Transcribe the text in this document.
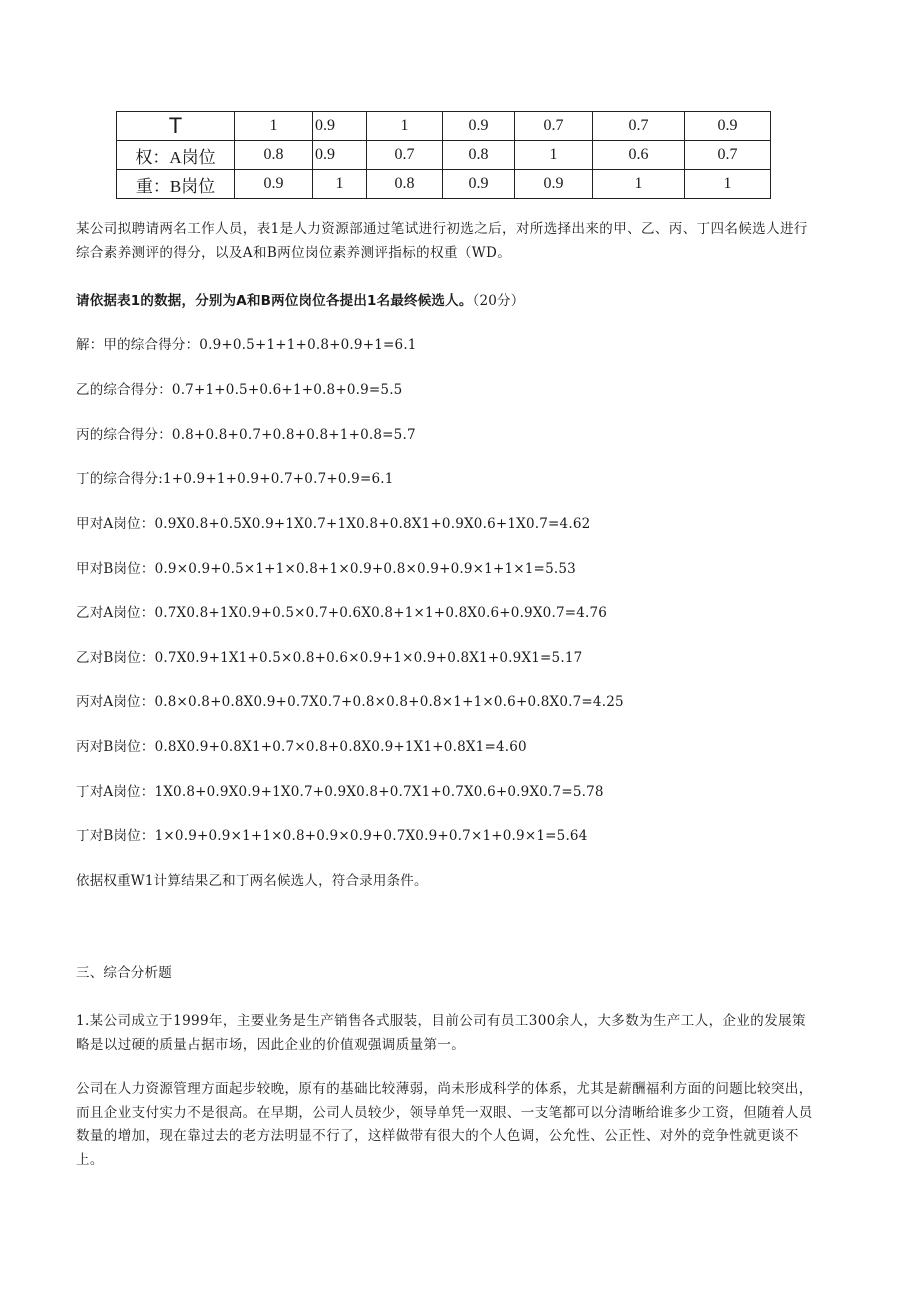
T	1	0.9	1	0.9	0.7	0.7	0.9
权：A岗位	0.8	0.9	0.7	0.8	1	0.6	0.7
重：B岗位	0.9	1	0.8	0.9	0.9	1	1
某公司拟聘请两名工作人员，表1是人力资源部通过笔试进行初选之后，对所选择出来的甲、乙、丙、丁四名候选人进行综合素养测评的得分，以及A和B两位岗位素养测评指标的权重（WD。
请依据表1的数据，分别为A和B两位岗位各提出1名最终候选人。（20分）
解：甲的综合得分：0.9+0.5+1+1+0.8+0.9+1=6.1
乙的综合得分：0.7+1+0.5+0.6+1+0.8+0.9=5.5
丙的综合得分：0.8+0.8+0.7+0.8+0.8+1+0.8=5.7
丁的综合得分:1+0.9+1+0.9+0.7+0.7+0.9=6.1
甲对A岗位：0.9X0.8+0.5X0.9+1X0.7+1X0.8+0.8X1+0.9X0.6+1X0.7=4.62
甲对B岗位：0.9×0.9+0.5×1+1×0.8+1×0.9+0.8×0.9+0.9×1+1×1=5.53
乙对A岗位：0.7X0.8+1X0.9+0.5×0.7+0.6X0.8+1×1+0.8X0.6+0.9X0.7=4.76
乙对B岗位：0.7X0.9+1X1+0.5×0.8+0.6×0.9+1×0.9+0.8X1+0.9X1=5.17
丙对A岗位：0.8×0.8+0.8X0.9+0.7X0.7+0.8×0.8+0.8×1+1×0.6+0.8X0.7=4.25
丙对B岗位：0.8X0.9+0.8X1+0.7×0.8+0.8X0.9+1X1+0.8X1=4.60
丁对A岗位：1X0.8+0.9X0.9+1X0.7+0.9X0.8+0.7X1+0.7X0.6+0.9X0.7=5.78
丁对B岗位：1×0.9+0.9×1+1×0.8+0.9×0.9+0.7X0.9+0.7×1+0.9×1=5.64
依据权重W1计算结果乙和丁两名候选人，符合录用条件。
三、综合分析题
1.某公司成立于1999年，主要业务是生产销售各式服装，目前公司有员工300余人，大多数为生产工人，企业的发展策略是以过硬的质量占据市场，因此企业的价值观强调质量第一。
公司在人力资源管理方面起步较晚，原有的基础比较薄弱，尚未形成科学的体系，尤其是薪酬福利方面的问题比较突出，而且企业支付实力不是很高。在早期，公司人员较少，领导单凭一双眼、一支笔都可以分清晰给谁多少工资，但随着人员数量的增加，现在靠过去的老方法明显不行了，这样做带有很大的个人色调，公允性、公正性、对外的竞争性就更谈不上。
